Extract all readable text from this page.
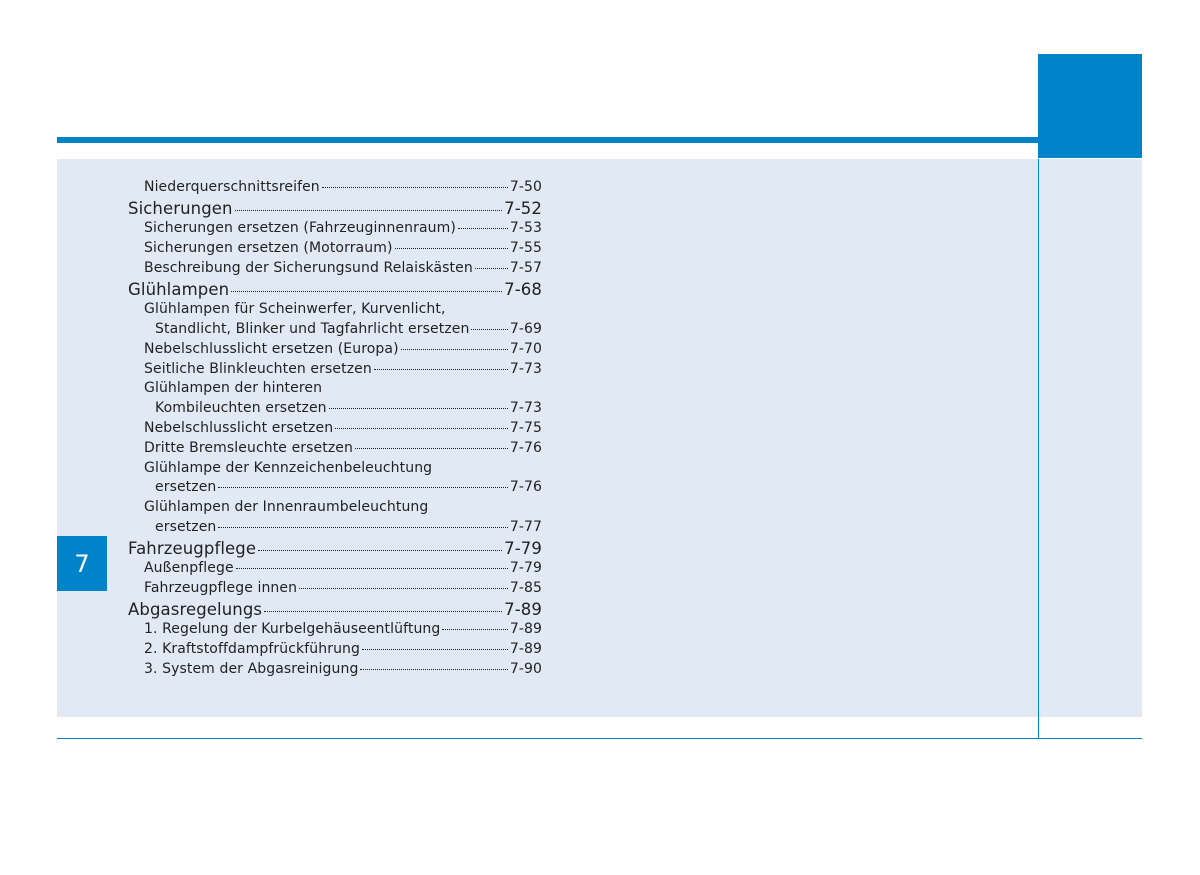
7
Niederquerschnittsreifen	7-50
Sicherungen	7-52
Sicherungen ersetzen (Fahrzeuginnenraum)	7-53
Sicherungen ersetzen (Motorraum)	7-55
Beschreibung der Sicherungsund Relaiskästen	7-57
Glühlampen	7-68
Glühlampen für Scheinwerfer, Kurvenlicht,
Standlicht, Blinker und Tagfahrlicht ersetzen	7-69
Nebelschlusslicht ersetzen (Europa)	7-70
Seitliche Blinkleuchten ersetzen	7-73
Glühlampen der hinteren
Kombileuchten ersetzen	7-73
Nebelschlusslicht ersetzen	7-75
Dritte Bremsleuchte ersetzen	7-76
Glühlampe der Kennzeichenbeleuchtung
ersetzen	7-76
Glühlampen der Innenraumbeleuchtung
ersetzen	7-77
Fahrzeugpflege	7-79
Außenpflege	7-79
Fahrzeugpflege innen	7-85
Abgasregelungs	7-89
1. Regelung der Kurbelgehäuseentlüftung	7-89
2. Kraftstoffdampfrückführung	7-89
3. System der Abgasreinigung	7-90
